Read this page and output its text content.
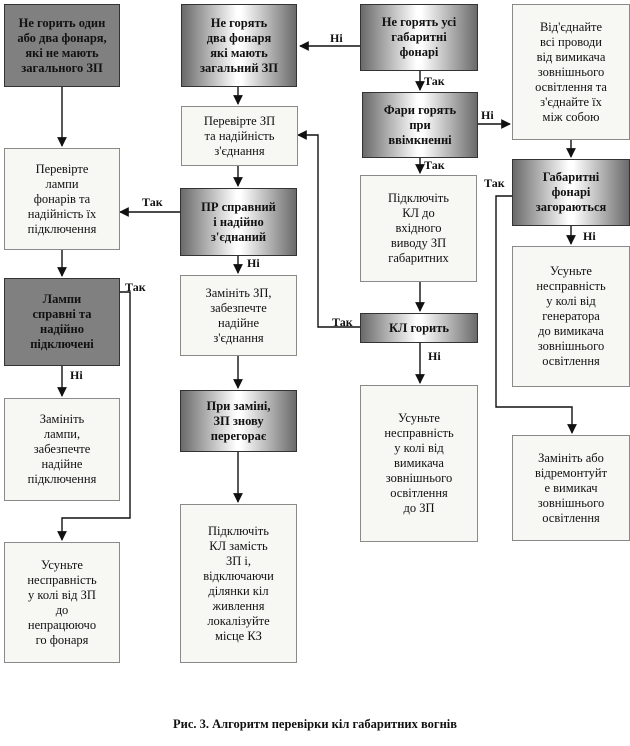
Не горить один
або два фонаря,
які не мають
загального ЗП
Не горять
два фонаря
які мають
загальний ЗП
Не горять усі
габаритні
фонарі
Від'єднайте
всі проводи
від вимикача
зовнішнього
освітлення та
з'єднайте їх
між собою
Перевірте
лампи
фонарів та
надійність їх
підключення
Перевірте ЗП
та надійність
з'єднання
Фари горять
при
ввімкненні
Габаритні
фонарі
загораються
ПР справний
і надійно
з'єднаний
Підключіть
КЛ до
вхідного
виводу ЗП
габаритних
Усуньте
несправність
у колі від
генератора
до вимикача
зовнішнього
освітлення
Лампи
справні та
надійно
підключені
Замініть ЗП,
забезпечте
надійне
з'єднання
КЛ горить
Замініть
лампи,
забезпечте
надійне
підключення
При заміні,
ЗП знову
перегорає
Усуньте
несправність
у колі від
вимикача
зовнішнього
освітлення
до ЗП
Замініть або
відремонтуйт
е вимикач
зовнішнього
освітлення
Усуньте
несправність
у колі від ЗП
до
непрацюючо
го фонаря
Підключіть
КЛ замість
ЗП і,
відключаючи
ділянки кіл
живлення
локалізуйте
місце КЗ
Ні
Так
Ні
Так
Так
Ні
Ні
Так
Так
Ні
Ні
Так
Рис. 3. Алгоритм перевірки кіл габаритних вогнів
